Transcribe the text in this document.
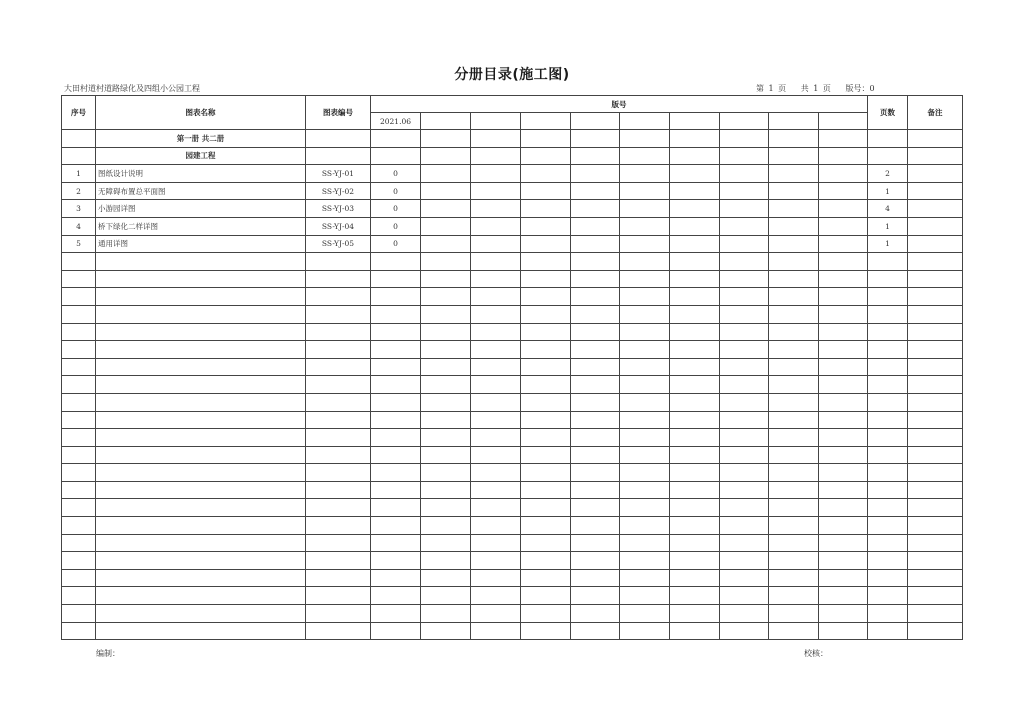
分册目录(施工图)
大田村道村道路绿化及四组小公园工程	第 1 页 共 1 页 版号：0
序号	图表名称	图表编号	版号										页数	备注
			2021.06											
	第一册 共二册													
	园建工程													
1	图纸设计说明	SS-YJ-01	0										2	
2	无障碍布置总平面图	SS-YJ-02	0										1	
3	小游园详图	SS-YJ-03	0										4	
4	桥下绿化二样详图	SS-YJ-04	0										1	
5	通用详图	SS-YJ-05	0										1	

编制：	校核：
